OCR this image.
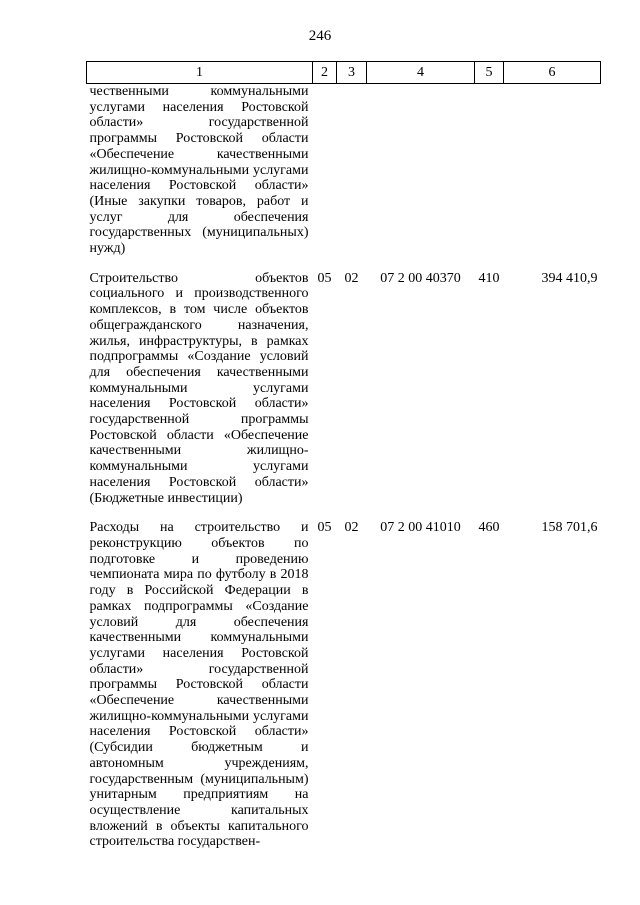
246
1	2	3	4	5	6
чественными коммунальными услугами населения Ростовской области» государственной программы Ростовской области «Обеспечение качественными жилищно-коммунальными услугами населения Ростовской области» (Иные закупки товаров, работ и услуг для обеспечения государственных (муниципальных) нужд)					

Строительство объектов социального и производственного комплексов, в том числе объектов общегражданского назначения, жилья, инфраструктуры, в рамках подпрограммы «Создание условий для обеспечения качественными коммунальными услугами населения Ростовской области» государственной программы Ростовской области «Обеспечение качественными жилищно-коммунальными услугами населения Ростовской области» (Бюджетные инвестиции)	05	02	07 2 00 40370	410	394 410,9

Расходы на строительство и реконструкцию объектов по подготовке и проведению чемпионата мира по футболу в 2018 году в Российской Федерации в рамках подпрограммы «Создание условий для обеспечения качественными коммунальными услугами населения Ростовской области» государственной программы Ростовской области «Обеспечение качественными жилищно-коммунальными услугами населения Ростовской области» (Субсидии бюджетным и автономным учреждениям, государственным (муниципальным) унитарным предприятиям на осуществление капитальных вложений в объекты капитального строительства государствен-	05	02	07 2 00 41010	460	158 701,6
